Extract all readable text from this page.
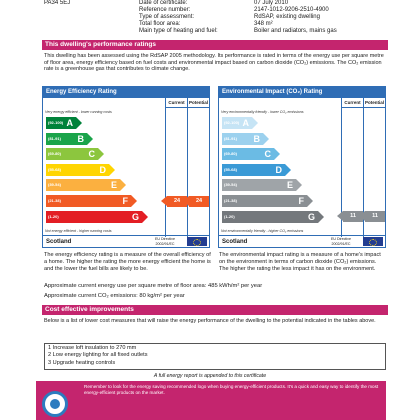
PA34 5EJ	Date of certificate:	07 July 2010
Reference number:	2147-1012-9206-2510-4900
Type of assessment:	RdSAP, existing dwelling
Total floor area:	348 m²
Main type of heating and fuel:	Boiler and radiators, mains gas
This dwelling's performance ratings
This dwelling has been assessed using the RdSAP 2005 methodology. Its performance is rated in terms of the energy use per square metre of floor area, energy efficiency based on fuel costs and environmental impact based on carbon dioxide (CO₂) emissions. The CO₂ emission rate is a greenhouse gas that contributes to climate change.
Energy Efficiency Rating
Current Potential
Very energy efficient - lower running costs
(92-100) A
(81-91) B
(69-80)	C
(55-68)	D
(39-54)	E
(21-38)	F
(1-20)	G
Not energy efficient - higher running costs
24	24
Scotland	EU Directive 2002/91/EC
Environmental Impact (CO₂) Rating
Current Potential
Very environmentally friendly - lower CO₂ emissions
(92-100) A
(81-91) B
(69-80)	C
(55-68)	D
(39-54)	E
(21-38)	F
(1-20)	G
Not environmentally friendly - higher CO₂ emissions
11	11
Scotland	EU Directive 2002/91/EC
The energy efficiency rating is a measure of the overall efficiency of a home. The higher the rating the more energy efficient the home is and the lower the fuel bills are likely to be.
The environmental impact rating is a measure of a home's impact on the environment in terms of carbon dioxide (CO₂) emissions. The higher the rating the less impact it has on the environment.
Approximate current energy use per square metre of floor area: 485 kWh/m² per year
Approximate current CO₂ emissions: 80 kg/m² per year
Cost effective improvements
Below is a list of lower cost measures that will raise the energy performance of the dwelling to the potential indicated in the tables above.
1 Increase loft insulation to 270 mm
2 Low energy lighting for all fixed outlets
3 Upgrade heating controls
A full energy report is appended to this certificate
Remember to look for the energy saving recommended logo when buying energy-efficient products. It's a quick and easy way to identify the most energy-efficient products on the market.
